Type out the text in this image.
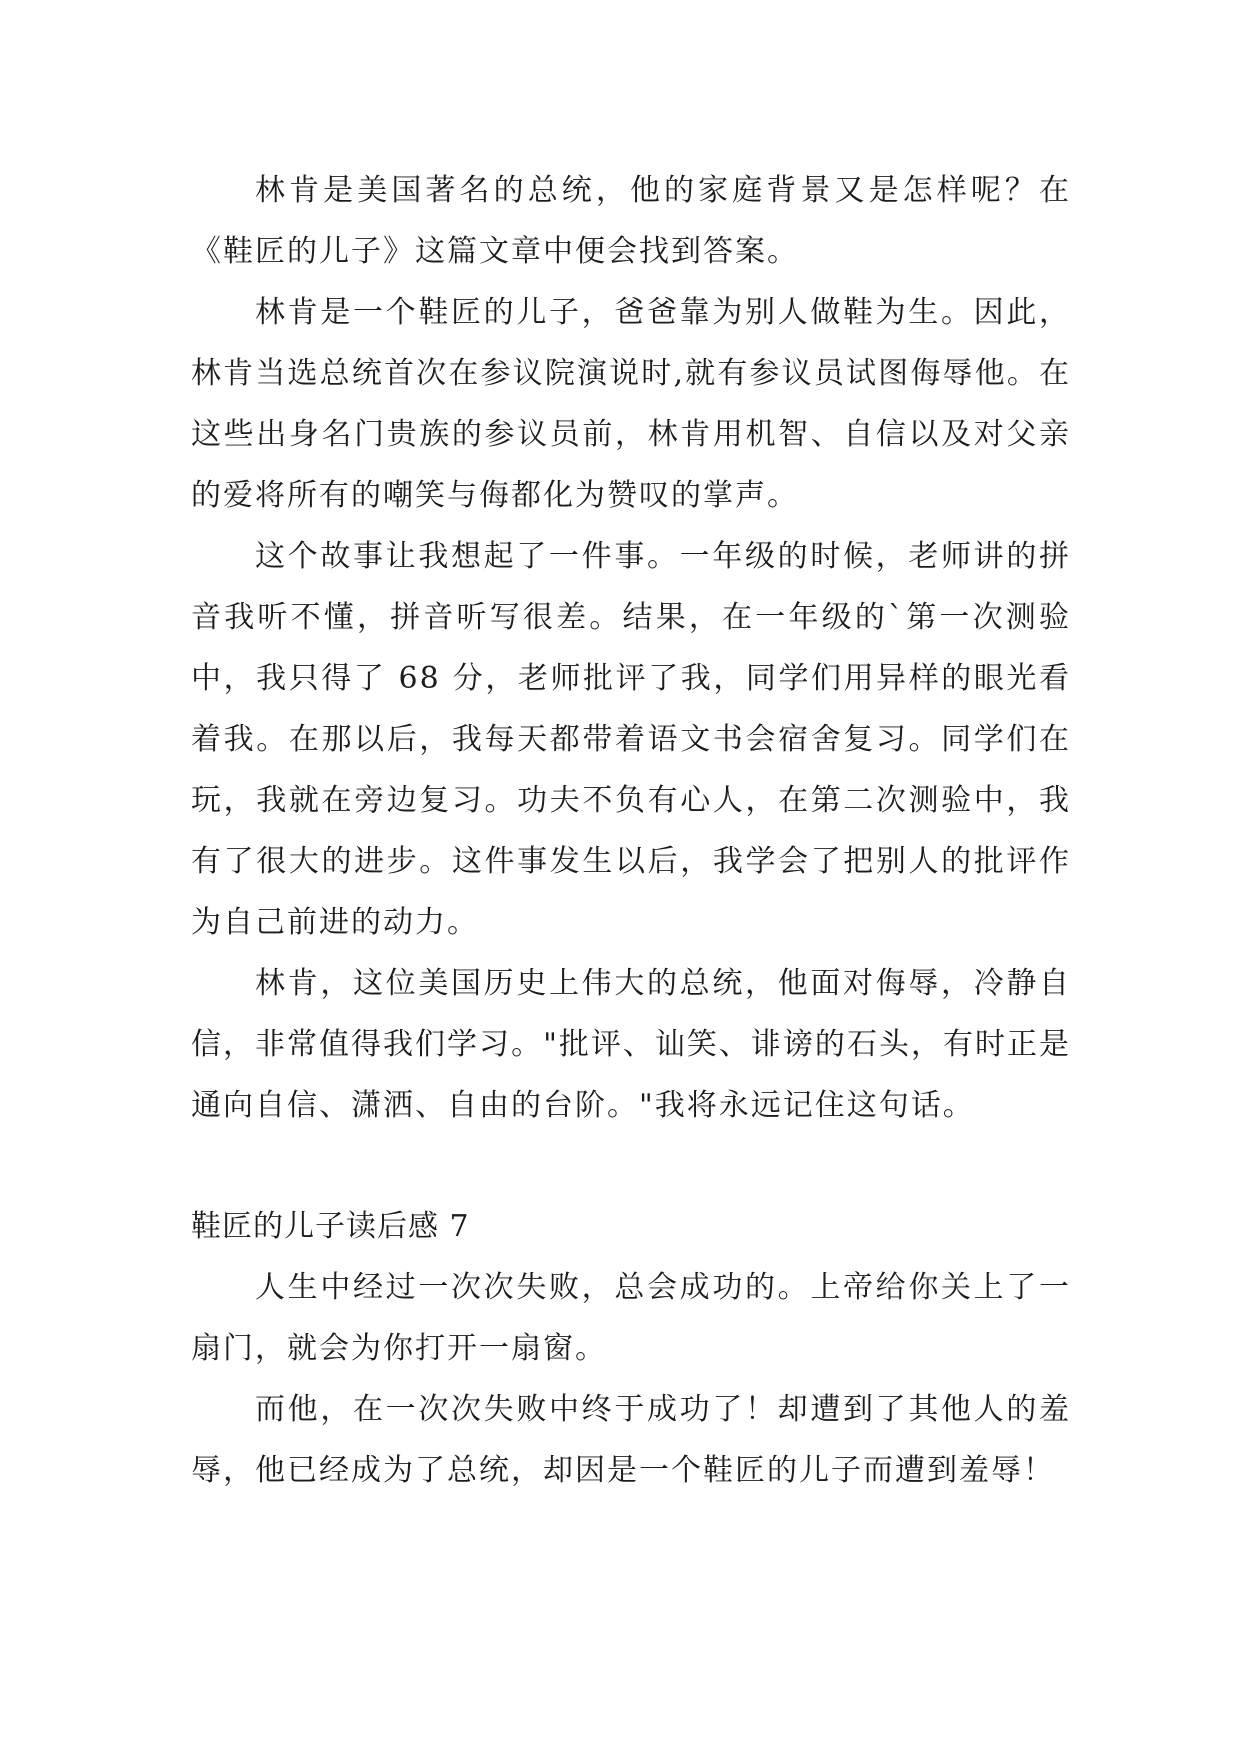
林肯是美国著名的总统，他的家庭背景又是怎样呢？在《鞋匠的儿子》这篇文章中便会找到答案。

林肯是一个鞋匠的儿子，爸爸靠为别人做鞋为生。因此，林肯当选总统首次在参议院演说时,就有参议员试图侮辱他。在这些出身名门贵族的参议员前，林肯用机智、自信以及对父亲的爱将所有的嘲笑与侮都化为赞叹的掌声。

这个故事让我想起了一件事。一年级的时候，老师讲的拼音我听不懂，拼音听写很差。结果，在一年级的`第一次测验中，我只得了 68 分，老师批评了我，同学们用异样的眼光看着我。在那以后，我每天都带着语文书会宿舍复习。同学们在玩，我就在旁边复习。功夫不负有心人，在第二次测验中，我有了很大的进步。这件事发生以后，我学会了把别人的批评作为自己前进的动力。

林肯，这位美国历史上伟大的总统，他面对侮辱，冷静自信，非常值得我们学习。"批评、讪笑、诽谤的石头，有时正是通向自信、潇洒、自由的台阶。"我将永远记住这句话。

鞋匠的儿子读后感 7

人生中经过一次次失败，总会成功的。上帝给你关上了一扇门，就会为你打开一扇窗。

而他，在一次次失败中终于成功了！却遭到了其他人的羞辱，他已经成为了总统，却因是一个鞋匠的儿子而遭到羞辱！
